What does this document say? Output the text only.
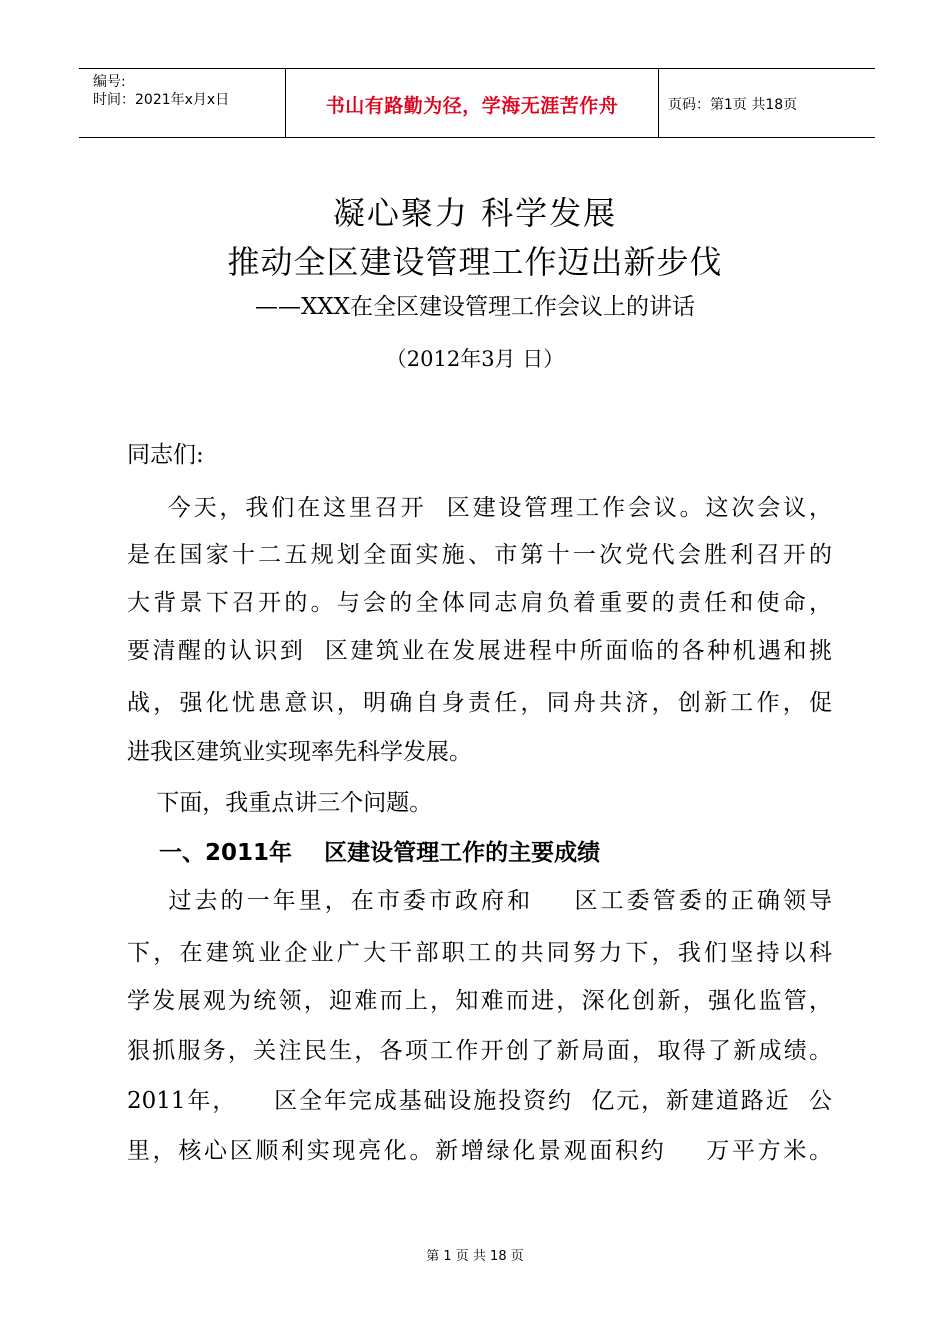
编号:
时间：2021年x月x日	书山有路勤为径，学海无涯苦作舟	页码：第1页 共18页
凝心聚力 科学发展
推动全区建设管理工作迈出新步伐
——XXX在全区建设管理工作会议上的讲话
（2012年3月 日）
同志们:
今天，我们在这里召开  区建设管理工作会议。这次会议，
是在国家十二五规划全面实施、市第十一次党代会胜利召开的
大背景下召开的。与会的全体同志肩负着重要的责任和使命，
要清醒的认识到  区建筑业在发展进程中所面临的各种机遇和挑
战，强化忧患意识，明确自身责任，同舟共济，创新工作，促
进我区建筑业实现率先科学发展。
下面，我重点讲三个问题。
一、2011年    区建设管理工作的主要成绩
过去的一年里，在市委市政府和    区工委管委的正确领导
下，在建筑业企业广大干部职工的共同努力下，我们坚持以科
学发展观为统领，迎难而上，知难而进，深化创新，强化监管，
狠抓服务，关注民生，各项工作开创了新局面，取得了新成绩。
2011年，    区全年完成基础设施投资约  亿元，新建道路近  公
里，核心区顺利实现亮化。新增绿化景观面积约    万平方米。
第 1 页 共 18 页
